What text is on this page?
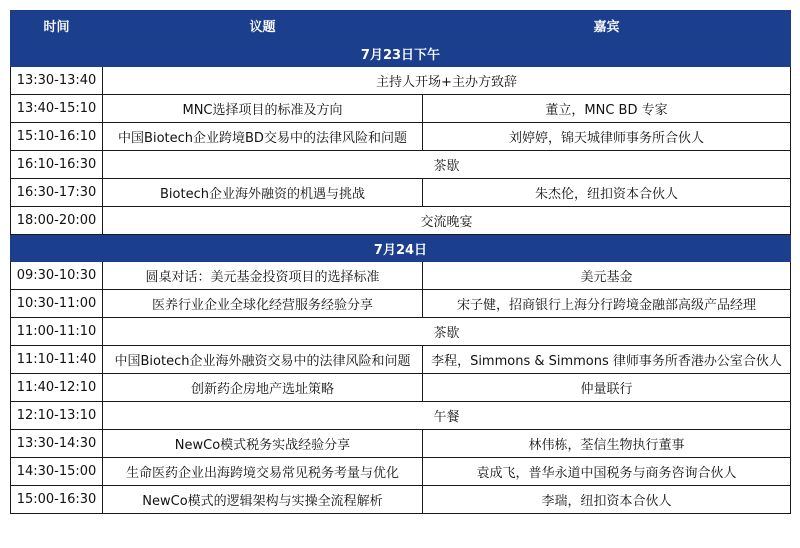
时间	议题	嘉宾
7月23日下午		
13:30-13:40	主持人开场+主办方致辞	
13:40-15:10	MNC选择项目的标准及方向	董立，MNC BD 专家
15:10-16:10	中国Biotech企业跨境BD交易中的法律风险和问题	刘婷婷，锦天城律师事务所合伙人
16:10-16:30	茶歇	
16:30-17:30	Biotech企业海外融资的机遇与挑战	朱杰伦，纽扣资本合伙人
18:00-20:00	交流晚宴	
7月24日		
09:30-10:30	圆桌对话：美元基金投资项目的选择标准	美元基金
10:30-11:00	医养行业企业全球化经营服务经验分享	宋子健，招商银行上海分行跨境金融部高级产品经理
11:00-11:10	茶歇	
11:10-11:40	中国Biotech企业海外融资交易中的法律风险和问题	李程，Simmons & Simmons 律师事务所香港办公室合伙人
11:40-12:10	创新药企房地产选址策略	仲量联行
12:10-13:10	午餐	
13:30-14:30	NewCo模式税务实战经验分享	林伟栋，荃信生物执行董事
14:30-15:00	生命医药企业出海跨境交易常见税务考量与优化	袁成飞，普华永道中国税务与商务咨询合伙人
15:00-16:30	NewCo模式的逻辑架构与实操全流程解析	李瑞，纽扣资本合伙人
